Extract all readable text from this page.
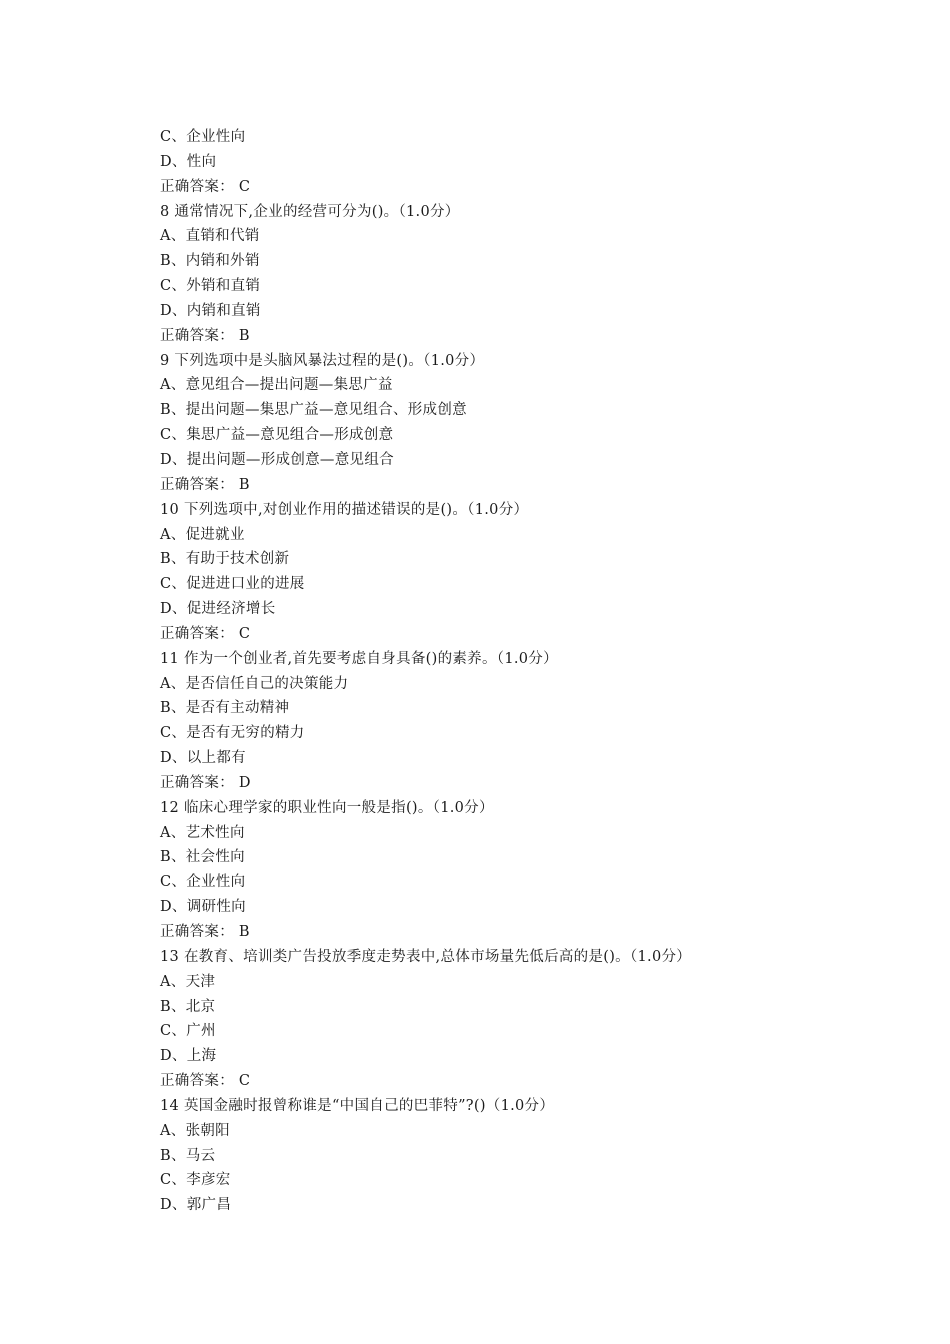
C、企业性向
D、性向
正确答案： C
8 通常情况下,企业的经营可分为()。（1.0分）
A、直销和代销
B、内销和外销
C、外销和直销
D、内销和直销
正确答案： B
9 下列选项中是头脑风暴法过程的是()。（1.0分）
A、意见组合—提出问题—集思广益
B、提出问题—集思广益—意见组合、形成创意
C、集思广益—意见组合—形成创意
D、提出问题—形成创意—意见组合
正确答案： B
10 下列选项中,对创业作用的描述错误的是()。（1.0分）
A、促进就业
B、有助于技术创新
C、促进进口业的进展
D、促进经济增长
正确答案： C
11 作为一个创业者,首先要考虑自身具备()的素养。（1.0分）
A、是否信任自己的决策能力
B、是否有主动精神
C、是否有无穷的精力
D、以上都有
正确答案： D
12 临床心理学家的职业性向一般是指()。（1.0分）
A、艺术性向
B、社会性向
C、企业性向
D、调研性向
正确答案： B
13 在教育、培训类广告投放季度走势表中,总体市场量先低后高的是()。（1.0分）
A、天津
B、北京
C、广州
D、上海
正确答案： C
14 英国金融时报曾称谁是“中国自己的巴菲特”?()（1.0分）
A、张朝阳
B、马云
C、李彦宏
D、郭广昌
